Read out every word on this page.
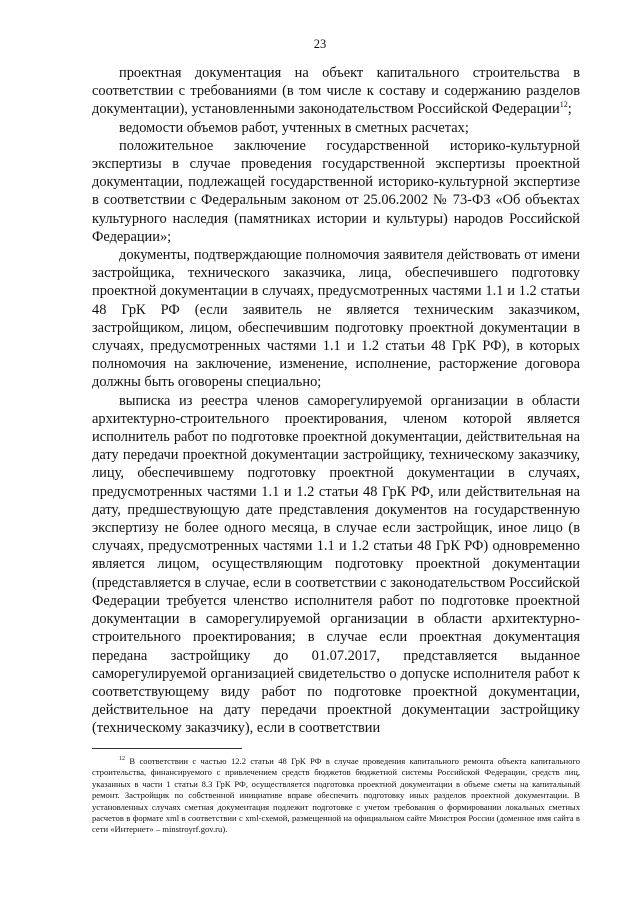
23

проектная документация на объект капитального строительства в соответствии с требованиями (в том числе к составу и содержанию разделов документации), установленными законодательством Российской Федерации$^{12}$;

ведомости объемов работ, учтенных в сметных расчетах;

положительное заключение государственной историко-культурной экспертизы в случае проведения государственной экспертизы проектной документации, подлежащей государственной историко-культурной экспертизе в соответствии с Федеральным законом от 25.06.2002 № 73-ФЗ «Об объектах культурного наследия (памятниках истории и культуры) народов Российской Федерации»;

документы, подтверждающие полномочия заявителя действовать от имени застройщика, технического заказчика, лица, обеспечившего подготовку проектной документации в случаях, предусмотренных частями 1.1 и 1.2 статьи 48 ГрК РФ (если заявитель не является техническим заказчиком, застройщиком, лицом, обеспечившим подготовку проектной документации в случаях, предусмотренных частями 1.1 и 1.2 статьи 48 ГрК РФ), в которых полномочия на заключение, изменение, исполнение, расторжение договора должны быть оговорены специально;

выписка из реестра членов саморегулируемой организации в области архитектурно-строительного проектирования, членом которой является исполнитель работ по подготовке проектной документации, действительная на дату передачи проектной документации застройщику, техническому заказчику, лицу, обеспечившему подготовку проектной документации в случаях, предусмотренных частями 1.1 и 1.2 статьи 48 ГрК РФ, или действительная на дату, предшествующую дате представления документов на государственную экспертизу не более одного месяца, в случае если застройщик, иное лицо (в случаях, предусмотренных частями 1.1 и 1.2 статьи 48 ГрК РФ) одновременно является лицом, осуществляющим подготовку проектной документации (представляется в случае, если в соответствии с законодательством Российской Федерации требуется членство исполнителя работ по подготовке проектной документации в саморегулируемой организации в области архитектурно-строительного проектирования; в случае если проектная документация передана застройщику до 01.07.2017, представляется выданное саморегулируемой организацией свидетельство о допуске исполнителя работ к соответствующему виду работ по подготовке проектной документации, действительное на дату передачи проектной документации застройщику (техническому заказчику), если в соответствии

$^{12}$ В соответствии с частью 12.2 статьи 48 ГрК РФ в случае проведения капитального ремонта объекта капитального строительства, финансируемого с привлечением средств бюджетов бюджетной системы Российской Федерации, средств лиц, указанных в части 1 статьи 8.3 ГрК РФ, осуществляется подготовка проектной документации в объеме сметы на капитальный ремонт. Застройщик по собственной инициативе вправе обеспечить подготовку иных разделов проектной документации. В установленных случаях сметная документация подлежит подготовке с учетом требования о формировании локальных сметных расчетов в формате xml в соответствии с xml-схемой, размещенной на официальном сайте Минстроя России (доменное имя сайта в сети «Интернет» – minstroyrf.gov.ru).
